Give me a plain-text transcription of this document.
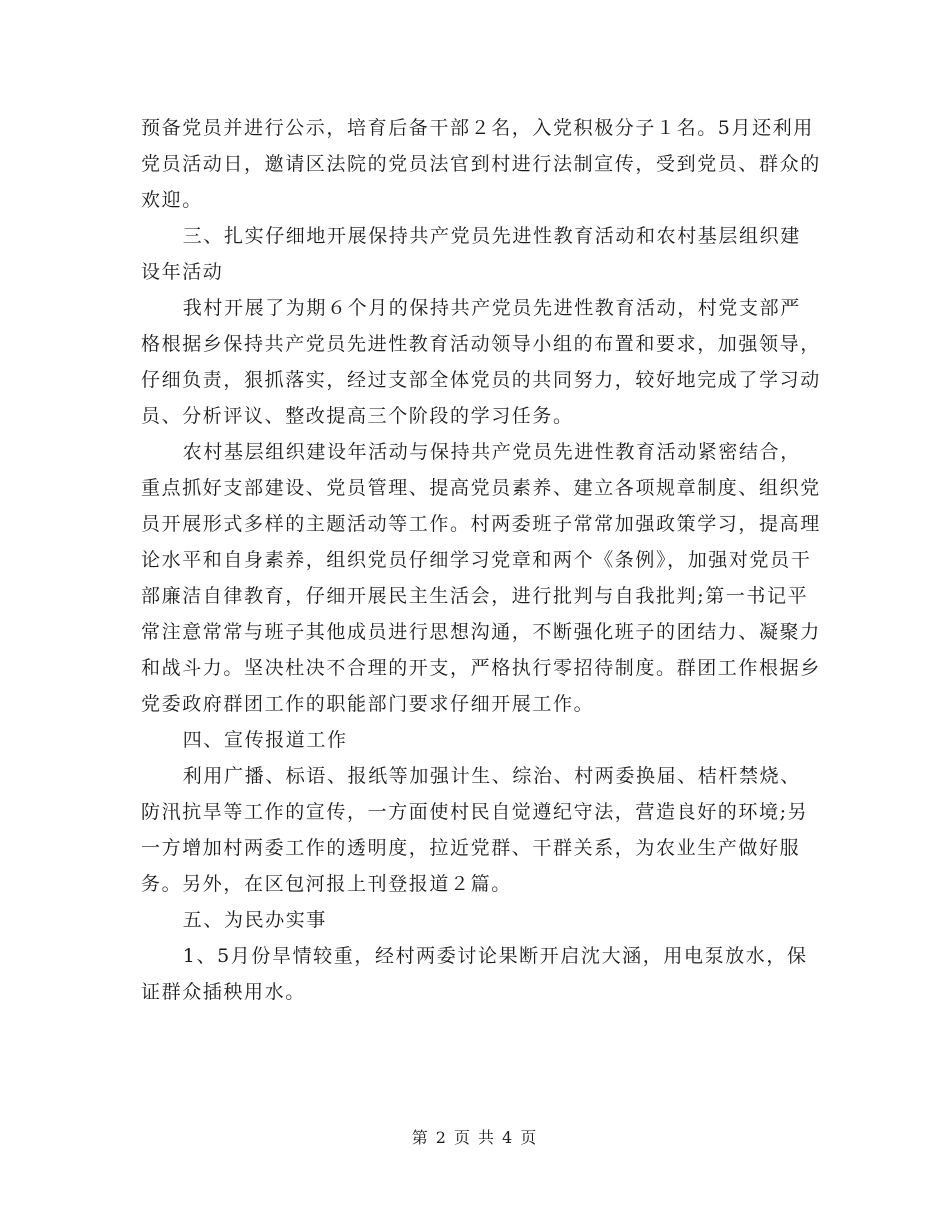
预备党员并进行公示，培育后备干部２名，入党积极分子１名。5月还利用党员活动日，邀请区法院的党员法官到村进行法制宣传，受到党员、群众的欢迎。

三、扎实仔细地开展保持共产党员先进性教育活动和农村基层组织建设年活动

我村开展了为期６个月的保持共产党员先进性教育活动，村党支部严格根据乡保持共产党员先进性教育活动领导小组的布置和要求，加强领导，仔细负责，狠抓落实，经过支部全体党员的共同努力，较好地完成了学习动员、分析评议、整改提高三个阶段的学习任务。

农村基层组织建设年活动与保持共产党员先进性教育活动紧密结合，重点抓好支部建设、党员管理、提高党员素养、建立各项规章制度、组织党员开展形式多样的主题活动等工作。村两委班子常常加强政策学习，提高理论水平和自身素养，组织党员仔细学习党章和两个《条例》，加强对党员干部廉洁自律教育，仔细开展民主生活会，进行批判与自我批判;第一书记平常注意常常与班子其他成员进行思想沟通，不断强化班子的团结力、凝聚力和战斗力。坚决杜决不合理的开支，严格执行零招待制度。群团工作根据乡党委政府群团工作的职能部门要求仔细开展工作。

四、宣传报道工作

利用广播、标语、报纸等加强计生、综治、村两委换届、桔杆禁烧、防汛抗旱等工作的宣传，一方面使村民自觉遵纪守法，营造良好的环境;另一方增加村两委工作的透明度，拉近党群、干群关系，为农业生产做好服务。另外，在区包河报上刊登报道２篇。

五、为民办实事

1、5月份旱情较重，经村两委讨论果断开启沈大涵，用电泵放水，保证群众插秧用水。

第 2 页 共 4 页
